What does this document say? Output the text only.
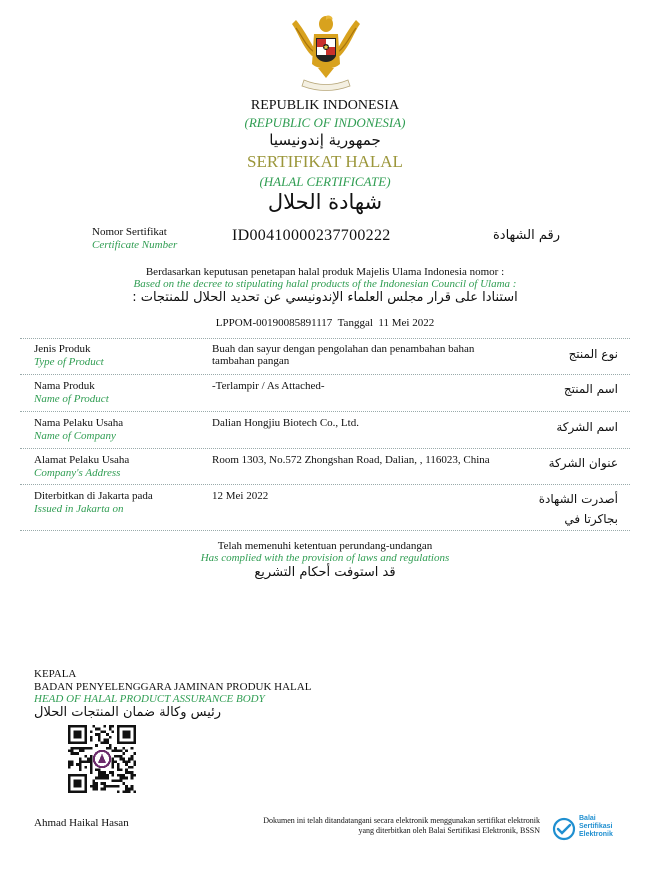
REPUBLIK INDONESIA
(REPUBLIC OF INDONESIA)
جمهورية إندونيسيا
SERTIFIKAT HALAL
(HALAL CERTIFICATE)
شهادة الحلال
Nomor Sertifikat
Certificate Number
ID00410000237700222	رقم الشهادة
Berdasarkan keputusan penetapan halal produk Majelis Ulama Indonesia nomor :
Based on the decree to stipulating halal products of the Indonesian Council of Ulama :
استنادا على قرار مجلس العلماء الإندونيسي عن تحديد الحلال للمنتجات :
LPPOM-00190085891117  Tanggal  11 Mei 2022
Jenis Produk
Type of Product
Buah dan sayur dengan pengolahan dan penambahan bahan tambahan pangan	نوع المنتج
Nama Produk
Name of Product
-Terlampir / As Attached-	اسم المنتج
Nama Pelaku Usaha
Name of Company
Dalian Hongjiu Biotech Co., Ltd.	اسم الشركة
Alamat Pelaku Usaha
Company's Address
Room 1303, No.572 Zhongshan Road, Dalian, , 116023, China	عنوان الشركة
Diterbitkan di Jakarta pada
Issued in Jakarta on
12 Mei 2022	أصدرت الشهادة بجاكرتا في
Telah memenuhi ketentuan perundang-undangan
Has complied with the provision of laws and regulations
قد استوفت أحكام التشريع
KEPALA
BADAN PENYELENGGARA JAMINAN PRODUK HALAL
HEAD OF HALAL PRODUCT ASSURANCE BODY
رئيس وكالة ضمان المنتجات الحلال
Ahmad Haikal Hasan	Dokumen ini telah ditandatangani secara elektronik menggunakan sertifikat elektronik
yang diterbitkan oleh Balai Sertifikasi Elektronik, BSSN
Balai
Sertifikasi
Elektronik
